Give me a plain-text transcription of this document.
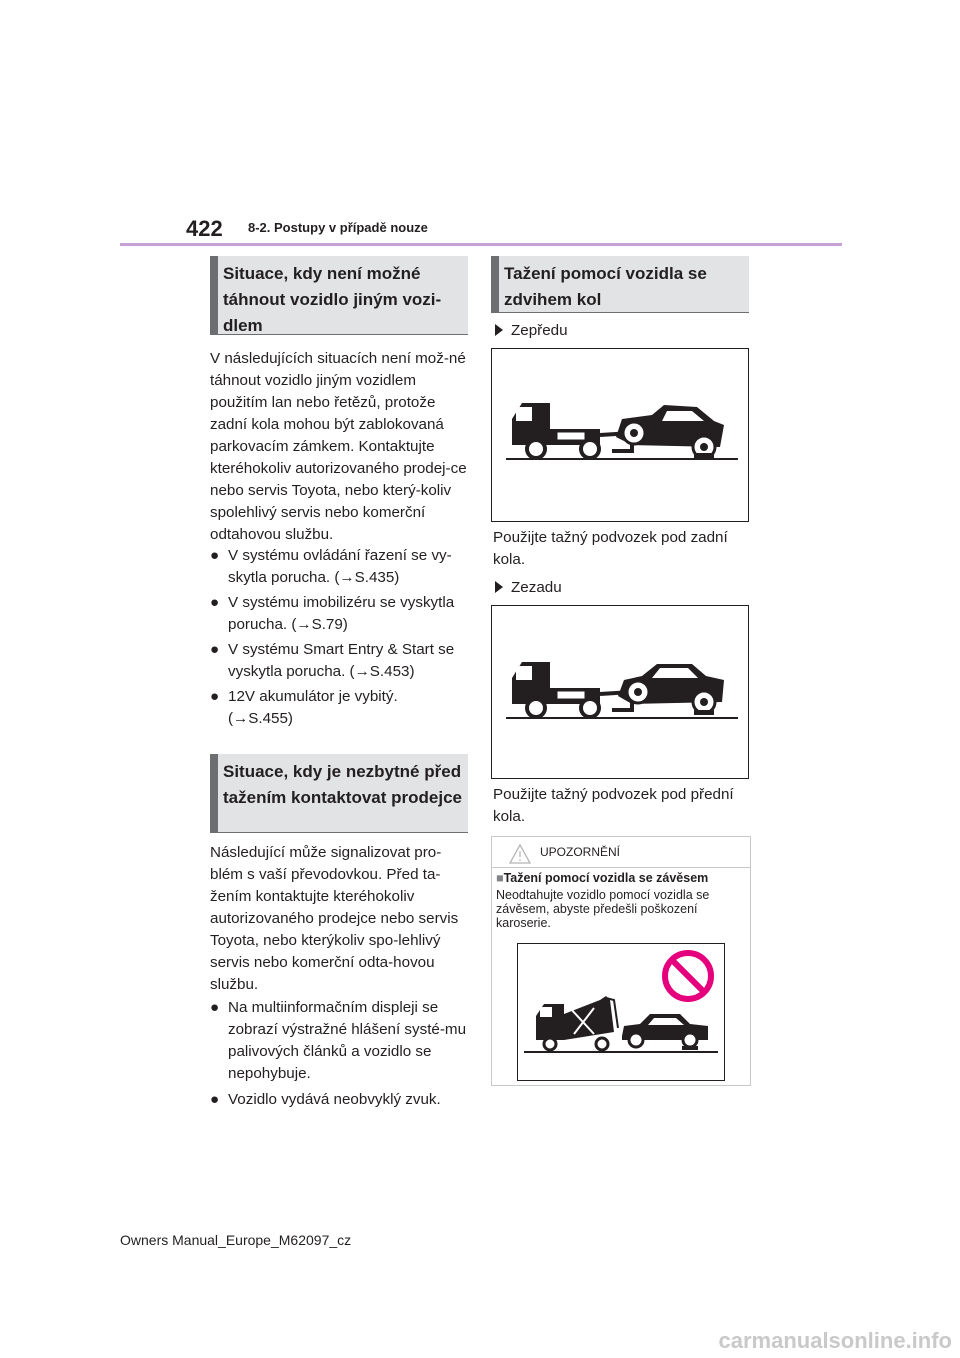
422 8-2. Postupy v případě nouze
Situace, kdy není možné táhnout vozidlo jiným vozi-dlem
V následujících situacích není mož-né táhnout vozidlo jiným vozidlem použitím lan nebo řetězů, protože zadní kola mohou být zablokovaná parkovacím zámkem. Kontaktujte kteréhokoliv autorizovaného prodej-ce nebo servis Toyota, nebo který-koliv spolehlivý servis nebo komerční odtahovou službu.
● V systému ovládání řazení se vy-skytla porucha. (→S.435)
● V systému imobilizéru se vyskytla porucha. (→S.79)
● V systému Smart Entry & Start se vyskytla porucha. (→S.453)
● 12V akumulátor je vybitý. (→S.455)
Situace, kdy je nezbytné před tažením kontaktovat prodejce
Následující může signalizovat pro-blém s vaší převodovkou. Před ta-žením kontaktujte kteréhokoliv autorizovaného prodejce nebo servis Toyota, nebo kterýkoliv spo-lehlivý servis nebo komerční odta-hovou službu.
● Na multiinformačním displeji se zobrazí výstražné hlášení systé-mu palivových článků a vozidlo se nepohybuje.
● Vozidlo vydává neobvyklý zvuk.
Tažení pomocí vozidla se zdvihem kol
Zepředu
Použijte tažný podvozek pod zadní kola.
Zezadu
Použijte tažný podvozek pod přední kola.
UPOZORNĚNÍ
■Tažení pomocí vozidla se závěsem
Neodtahujte vozidlo pomocí vozidla se závěsem, abyste předešli poškození karoserie.
Owners Manual_Europe_M62097_cz
carmanualsonline.info
